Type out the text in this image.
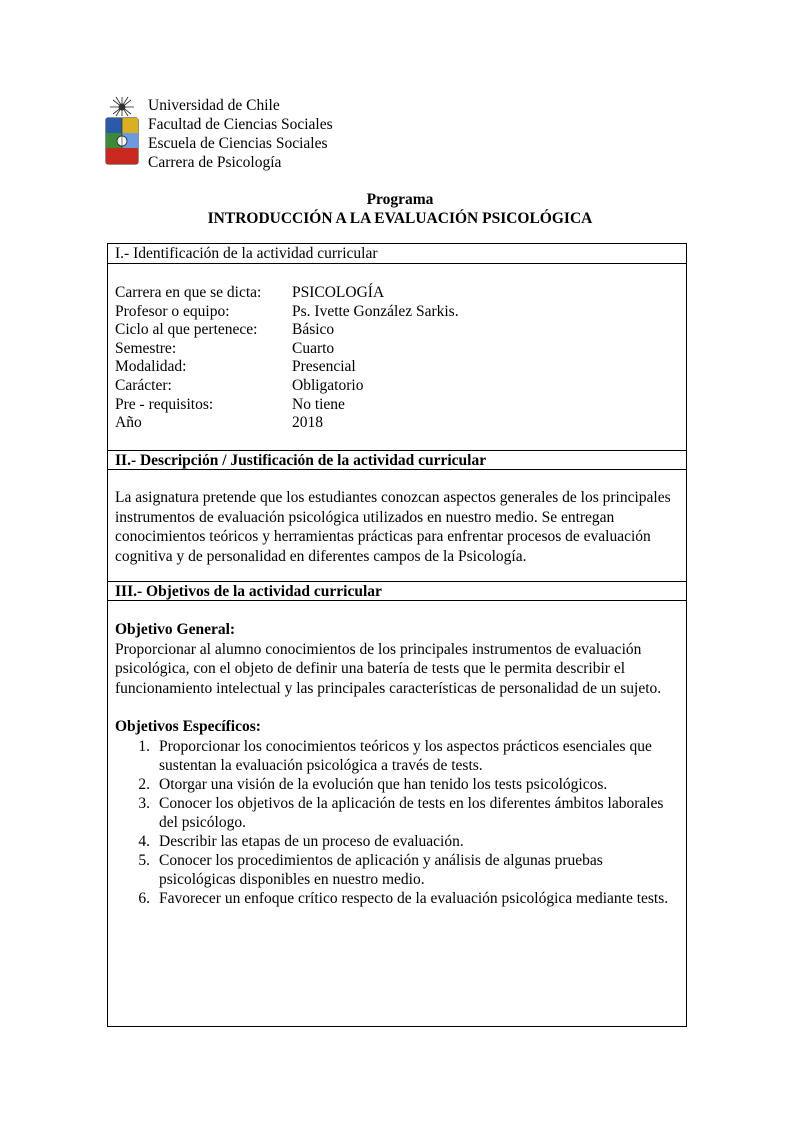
Universidad de Chile
Facultad de Ciencias Sociales
Escuela de Ciencias Sociales
Carrera de Psicología
Programa
INTRODUCCIÓN A LA EVALUACIÓN PSICOLÓGICA
I.- Identificación de la actividad curricular
Carrera en que se dicta:	PSICOLOGÍA
Profesor o equipo:	Ps. Ivette González Sarkis.
Ciclo al que pertenece:	Básico
Semestre:	Cuarto
Modalidad:	Presencial
Carácter:	Obligatorio
Pre - requisitos:	No tiene
Año	2018
II.- Descripción / Justificación de la actividad curricular
La asignatura pretende que los estudiantes conozcan aspectos generales de los principales instrumentos de evaluación psicológica utilizados en nuestro medio. Se entregan conocimientos teóricos y herramientas prácticas para enfrentar procesos de evaluación cognitiva y de personalidad en diferentes campos de la Psicología.
III.- Objetivos de la actividad curricular
Objetivo General:
Proporcionar al alumno conocimientos de los principales instrumentos de evaluación psicológica, con el objeto de definir una batería de tests que le permita describir el funcionamiento intelectual y las principales características de personalidad de un sujeto.
Objetivos Específicos:
1. Proporcionar los conocimientos teóricos y los aspectos prácticos esenciales que sustentan la evaluación psicológica a través de tests.
2. Otorgar una visión de la evolución que han tenido los tests psicológicos.
3. Conocer los objetivos de la aplicación de tests en los diferentes ámbitos laborales del psicólogo.
4. Describir las etapas de un proceso de evaluación.
5. Conocer los procedimientos de aplicación y análisis de algunas pruebas psicológicas disponibles en nuestro medio.
6. Favorecer un enfoque crítico respecto de la evaluación psicológica mediante tests.
